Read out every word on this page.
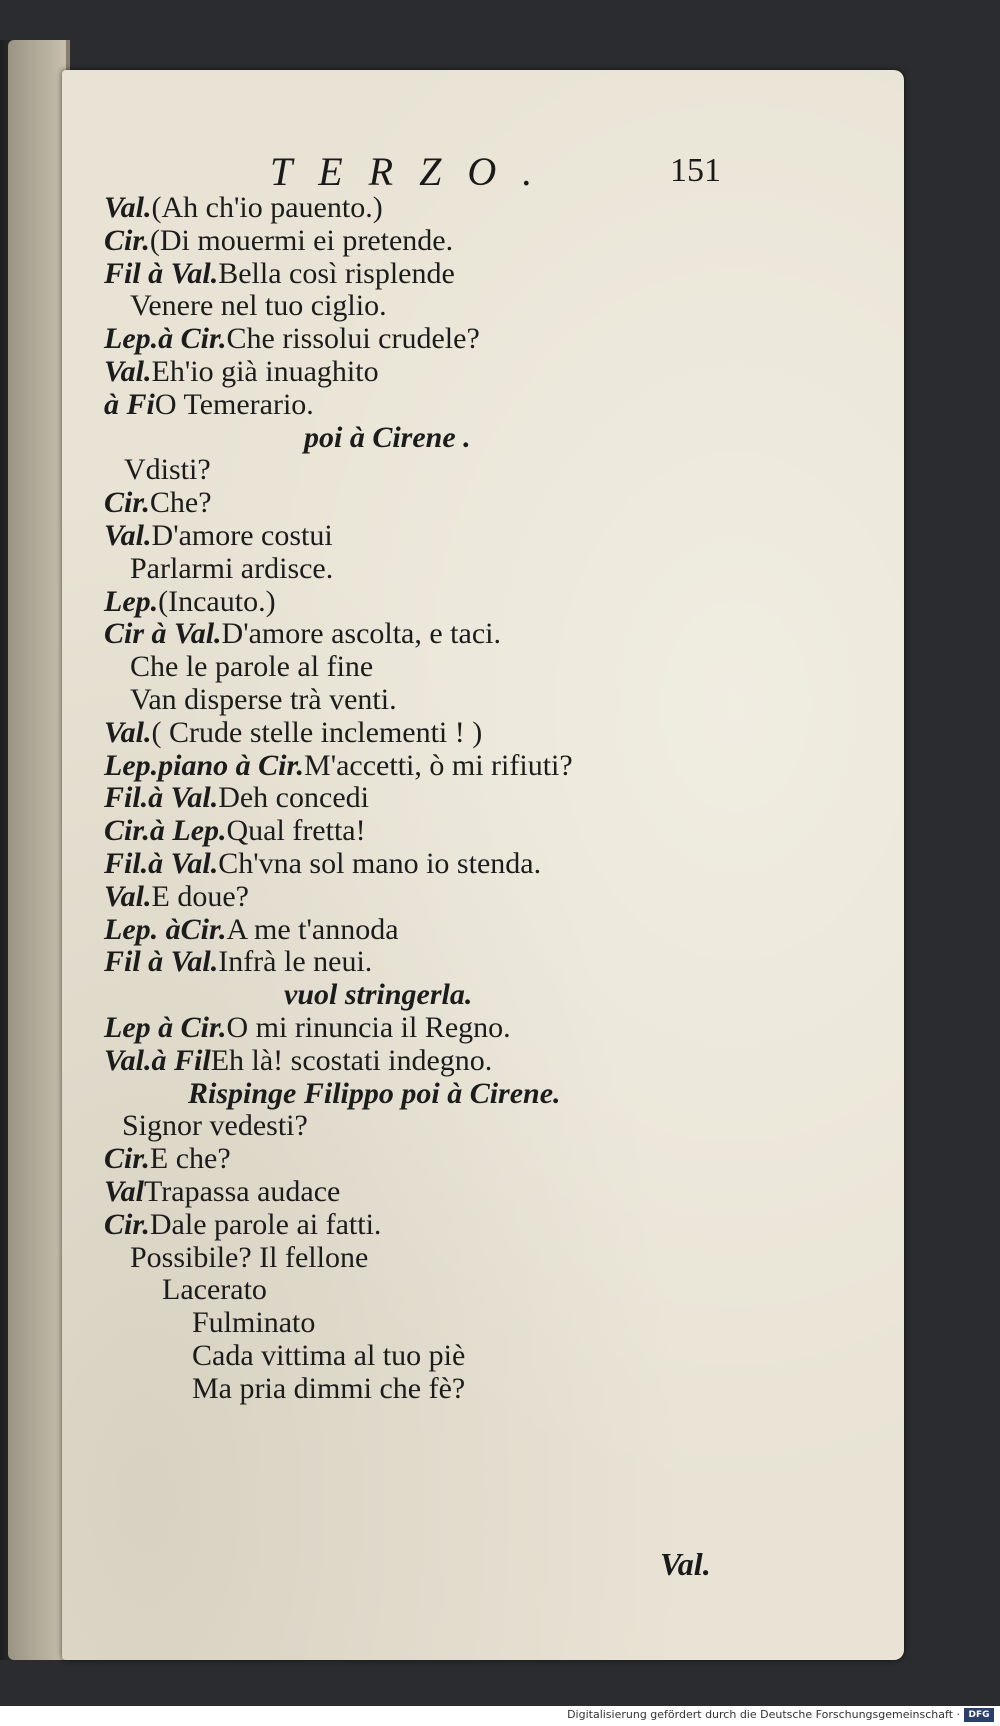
TERZO.	151
Val.(Ah ch'io pauento.)
Cir.(Di mouermi ei pretende.
Fil à Val.Bella così risplende
Venere nel tuo ciglio.
Lep.à Cir.Che rissolui crudele?
Val.Eh'io già inuaghito
à FiO Temerario.
poi à Cirene .
Vdisti?
Cir.Che?
Val.D'amore costui
Parlarmi ardisce.
Lep.(Incauto.)
Cir à Val.D'amore ascolta, e taci.
Che le parole al fine
Van disperse trà venti.
Val.( Crude stelle inclementi ! )
Lep.piano à Cir.M'accetti, ò mi rifiuti?
Fil.à Val.Deh concedi
Cir.à Lep.Qual fretta!
Fil.à Val.Ch'vna sol mano io stenda.
Val.E doue?
Lep. àCir.A me t'annoda
Fil à Val.Infrà le neui.
vuol stringerla.
Lep à Cir.O mi rinuncia il Regno.
Val.à FilEh là! scostati indegno.
Rispinge Filippo poi à Cirene.
Signor vedesti?
Cir.E che?
ValTrapassa audace
Cir.Dale parole ai fatti.
Possibile? Il fellone
Lacerato
Fulminato
Cada vittima al tuo piè
Ma pria dimmi che fè?
Val.
Digitalisierung gefördert durch die Deutsche Forschungsgemeinschaft · DFG
